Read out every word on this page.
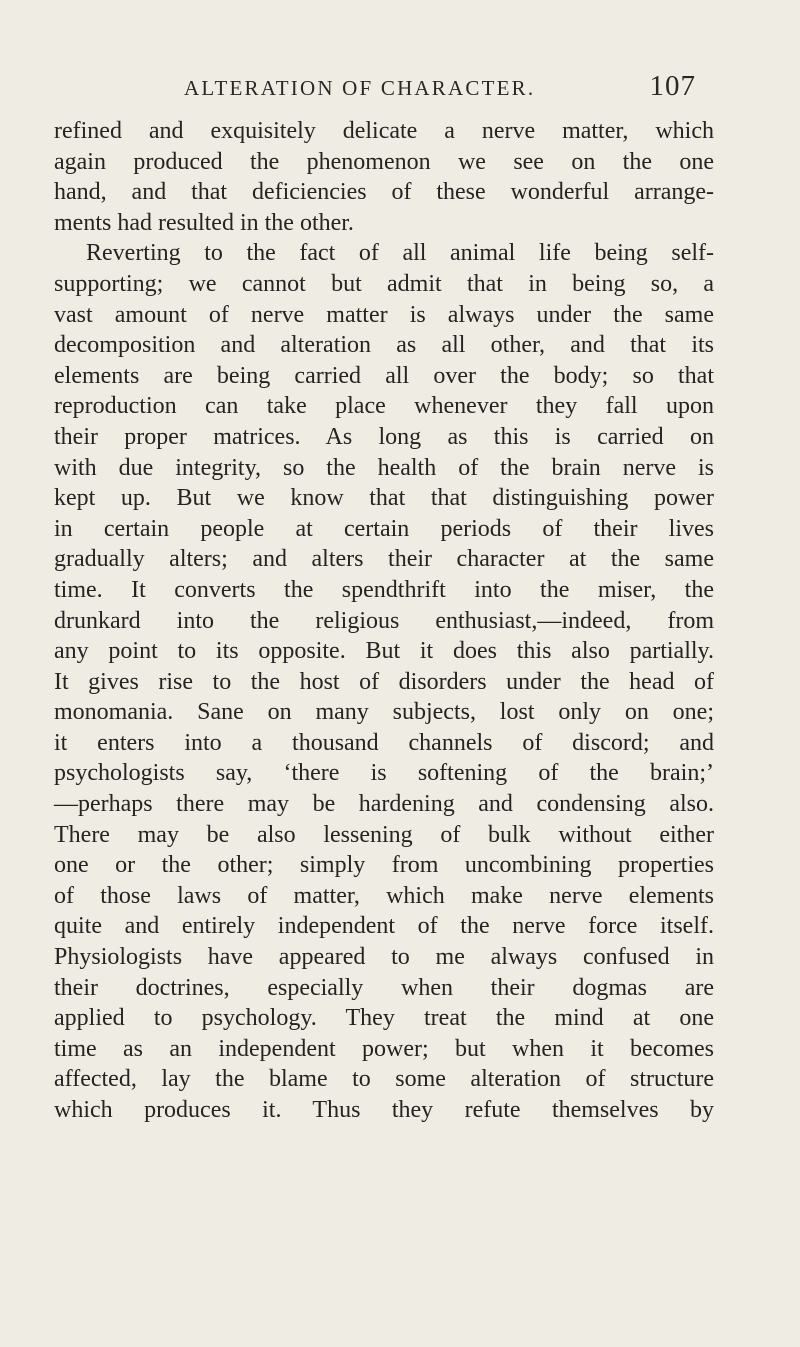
ALTERATION OF CHARACTER.	107
refined and exquisitely delicate a nerve matter, which
again produced the phenomenon we see on the one
hand, and that deficiencies of these wonderful arrange-
ments had resulted in the other.
Reverting to the fact of all animal life being self-
supporting; we cannot but admit that in being so, a
vast amount of nerve matter is always under the same
decomposition and alteration as all other, and that its
elements are being carried all over the body; so that
reproduction can take place whenever they fall upon
their proper matrices. As long as this is carried on
with due integrity, so the health of the brain nerve is
kept up. But we know that that distinguishing power
in certain people at certain periods of their lives
gradually alters; and alters their character at the same
time. It converts the spendthrift into the miser, the
drunkard into the religious enthusiast,—indeed, from
any point to its opposite. But it does this also partially.
It gives rise to the host of disorders under the head of
monomania. Sane on many subjects, lost only on one;
it enters into a thousand channels of discord; and
psychologists say, ‘there is softening of the brain;’
—perhaps there may be hardening and condensing also.
There may be also lessening of bulk without either
one or the other; simply from uncombining properties
of those laws of matter, which make nerve elements
quite and entirely independent of the nerve force itself.
Physiologists have appeared to me always confused in
their doctrines, especially when their dogmas are
applied to psychology. They treat the mind at one
time as an independent power; but when it becomes
affected, lay the blame to some alteration of structure
which produces it. Thus they refute themselves by
